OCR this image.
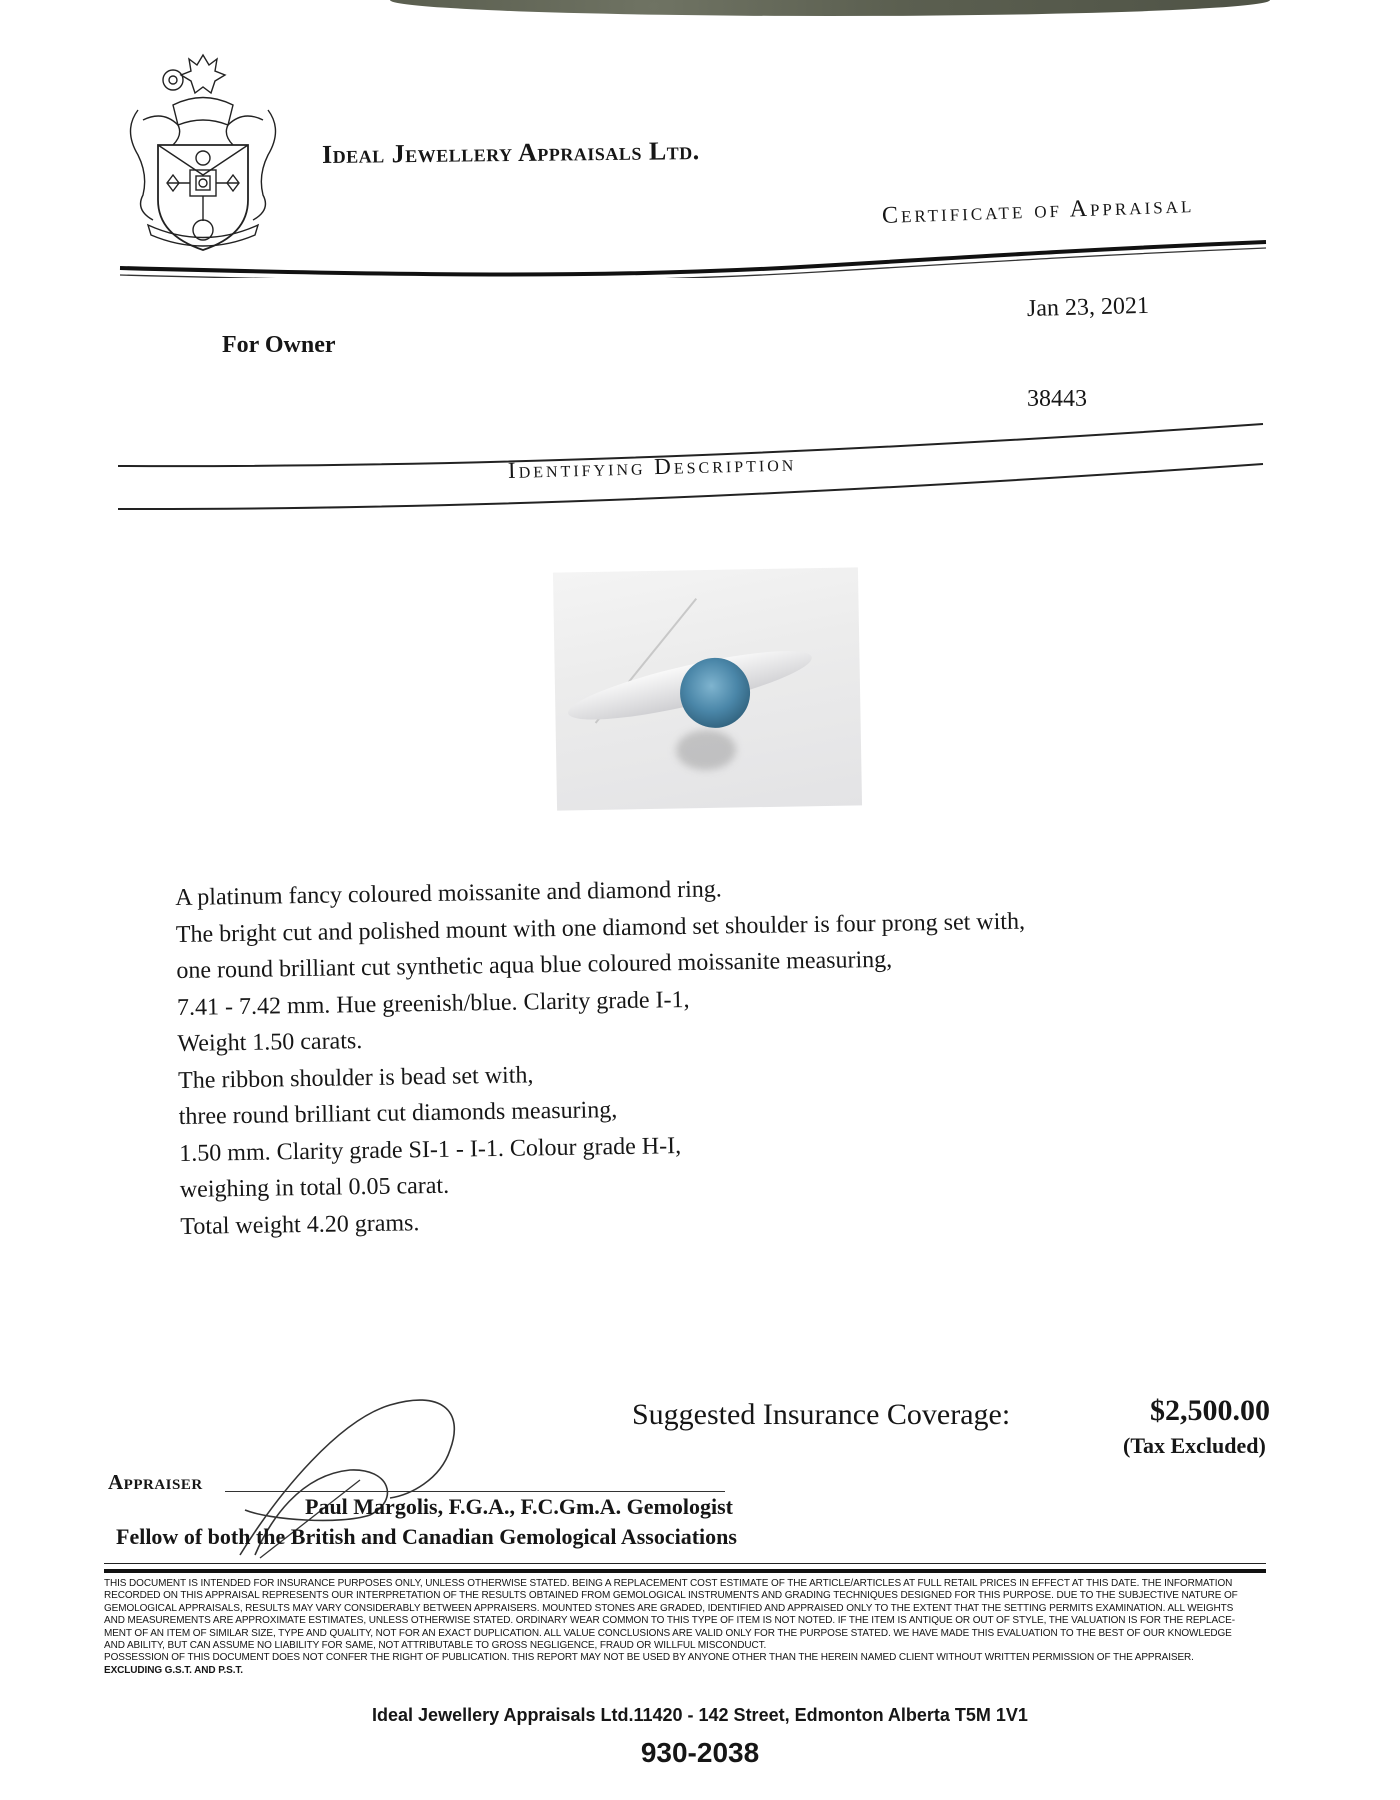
Ideal Jewellery Appraisals Ltd.
Certificate of Appraisal
For Owner
Jan 23, 2021
38443
Identifying Description
A platinum fancy coloured moissanite and diamond ring.
The bright cut and polished mount with one diamond set shoulder is four prong set with,
one round brilliant cut synthetic aqua blue coloured moissanite measuring,
7.41 - 7.42 mm. Hue greenish/blue. Clarity grade I-1,
Weight 1.50 carats.
The ribbon shoulder is bead set with,
three round brilliant cut diamonds measuring,
1.50 mm. Clarity grade SI-1 - I-1. Colour grade H-I,
weighing in total 0.05 carat.
Total weight 4.20 grams.
Suggested Insurance Coverage:	$2,500.00
(Tax Excluded)
Appraiser
Paul Margolis, F.G.A., F.C.Gm.A. Gemologist
Fellow of both the British and Canadian Gemological Associations
THIS DOCUMENT IS INTENDED FOR INSURANCE PURPOSES ONLY, UNLESS OTHERWISE STATED. BEING A REPLACEMENT COST ESTIMATE OF THE ARTICLE/ARTICLES AT FULL RETAIL PRICES IN EFFECT AT THIS DATE. THE INFORMATION
RECORDED ON THIS APPRAISAL REPRESENTS OUR INTERPRETATION OF THE RESULTS OBTAINED FROM GEMOLOGICAL INSTRUMENTS AND GRADING TECHNIQUES DESIGNED FOR THIS PURPOSE. DUE TO THE SUBJECTIVE NATURE OF
GEMOLOGICAL APPRAISALS, RESULTS MAY VARY CONSIDERABLY BETWEEN APPRAISERS. MOUNTED STONES ARE GRADED, IDENTIFIED AND APPRAISED ONLY TO THE EXTENT THAT THE SETTING PERMITS EXAMINATION. ALL WEIGHTS
AND MEASUREMENTS ARE APPROXIMATE ESTIMATES, UNLESS OTHERWISE STATED. ORDINARY WEAR COMMON TO THIS TYPE OF ITEM IS NOT NOTED. IF THE ITEM IS ANTIQUE OR OUT OF STYLE, THE VALUATION IS FOR THE REPLACE-
MENT OF AN ITEM OF SIMILAR SIZE, TYPE AND QUALITY, NOT FOR AN EXACT DUPLICATION. ALL VALUE CONCLUSIONS ARE VALID ONLY FOR THE PURPOSE STATED. WE HAVE MADE THIS EVALUATION TO THE BEST OF OUR KNOWLEDGE
AND ABILITY, BUT CAN ASSUME NO LIABILITY FOR SAME, NOT ATTRIBUTABLE TO GROSS NEGLIGENCE, FRAUD OR WILLFUL MISCONDUCT.
POSSESSION OF THIS DOCUMENT DOES NOT CONFER THE RIGHT OF PUBLICATION. THIS REPORT MAY NOT BE USED BY ANYONE OTHER THAN THE HEREIN NAMED CLIENT WITHOUT WRITTEN PERMISSION OF THE APPRAISER.
EXCLUDING G.S.T. AND P.S.T.
Ideal Jewellery Appraisals Ltd.11420 - 142 Street, Edmonton Alberta T5M 1V1
930-2038
